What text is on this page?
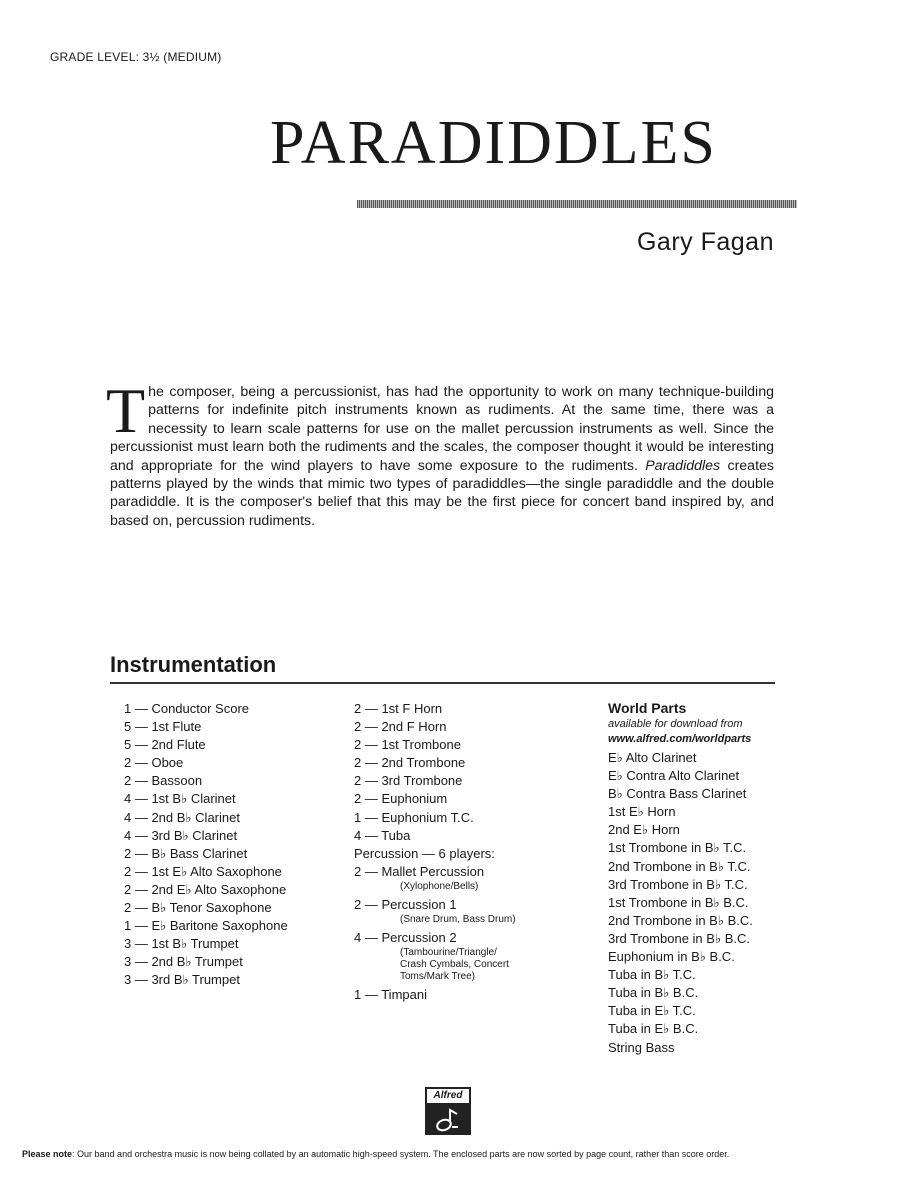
GRADE LEVEL: 3½ (MEDIUM)
PARADIDDLES
Gary Fagan
The composer, being a percussionist, has had the opportunity to work on many technique-building patterns for indefinite pitch instruments known as rudiments. At the same time, there was a necessity to learn scale patterns for use on the mallet percussion instruments as well. Since the percussionist must learn both the rudiments and the scales, the composer thought it would be interesting and appropriate for the wind players to have some exposure to the rudiments. Paradiddles creates patterns played by the winds that mimic two types of paradiddles—the single paradiddle and the double paradiddle. It is the composer's belief that this may be the first piece for concert band inspired by, and based on, percussion rudiments.
Instrumentation
1 — Conductor Score
5 — 1st Flute
5 — 2nd Flute
2 — Oboe
2 — Bassoon
4 — 1st B♭ Clarinet
4 — 2nd B♭ Clarinet
4 — 3rd B♭ Clarinet
2 — B♭ Bass Clarinet
2 — 1st E♭ Alto Saxophone
2 — 2nd E♭ Alto Saxophone
2 — B♭ Tenor Saxophone
1 — E♭ Baritone Saxophone
3 — 1st B♭ Trumpet
3 — 2nd B♭ Trumpet
3 — 3rd B♭ Trumpet
2 — 1st F Horn
2 — 2nd F Horn
2 — 1st Trombone
2 — 2nd Trombone
2 — 3rd Trombone
2 — Euphonium
1 — Euphonium T.C.
4 — Tuba
Percussion — 6 players:
2 — Mallet Percussion
(Xylophone/Bells)
2 — Percussion 1
(Snare Drum, Bass Drum)
4 — Percussion 2
(Tambourine/Triangle/
Crash Cymbals, Concert
Toms/Mark Tree)
1 — Timpani
World Parts
available for download from
www.alfred.com/worldparts
E♭ Alto Clarinet
E♭ Contra Alto Clarinet
B♭ Contra Bass Clarinet
1st E♭ Horn
2nd E♭ Horn
1st Trombone in B♭ T.C.
2nd Trombone in B♭ T.C.
3rd Trombone in B♭ T.C.
1st Trombone in B♭ B.C.
2nd Trombone in B♭ B.C.
3rd Trombone in B♭ B.C.
Euphonium in B♭ B.C.
Tuba in B♭ T.C.
Tuba in B♭ B.C.
Tuba in E♭ T.C.
Tuba in E♭ B.C.
String Bass
Alfred
Please note: Our band and orchestra music is now being collated by an automatic high-speed system. The enclosed parts are now sorted by page count, rather than score order.
